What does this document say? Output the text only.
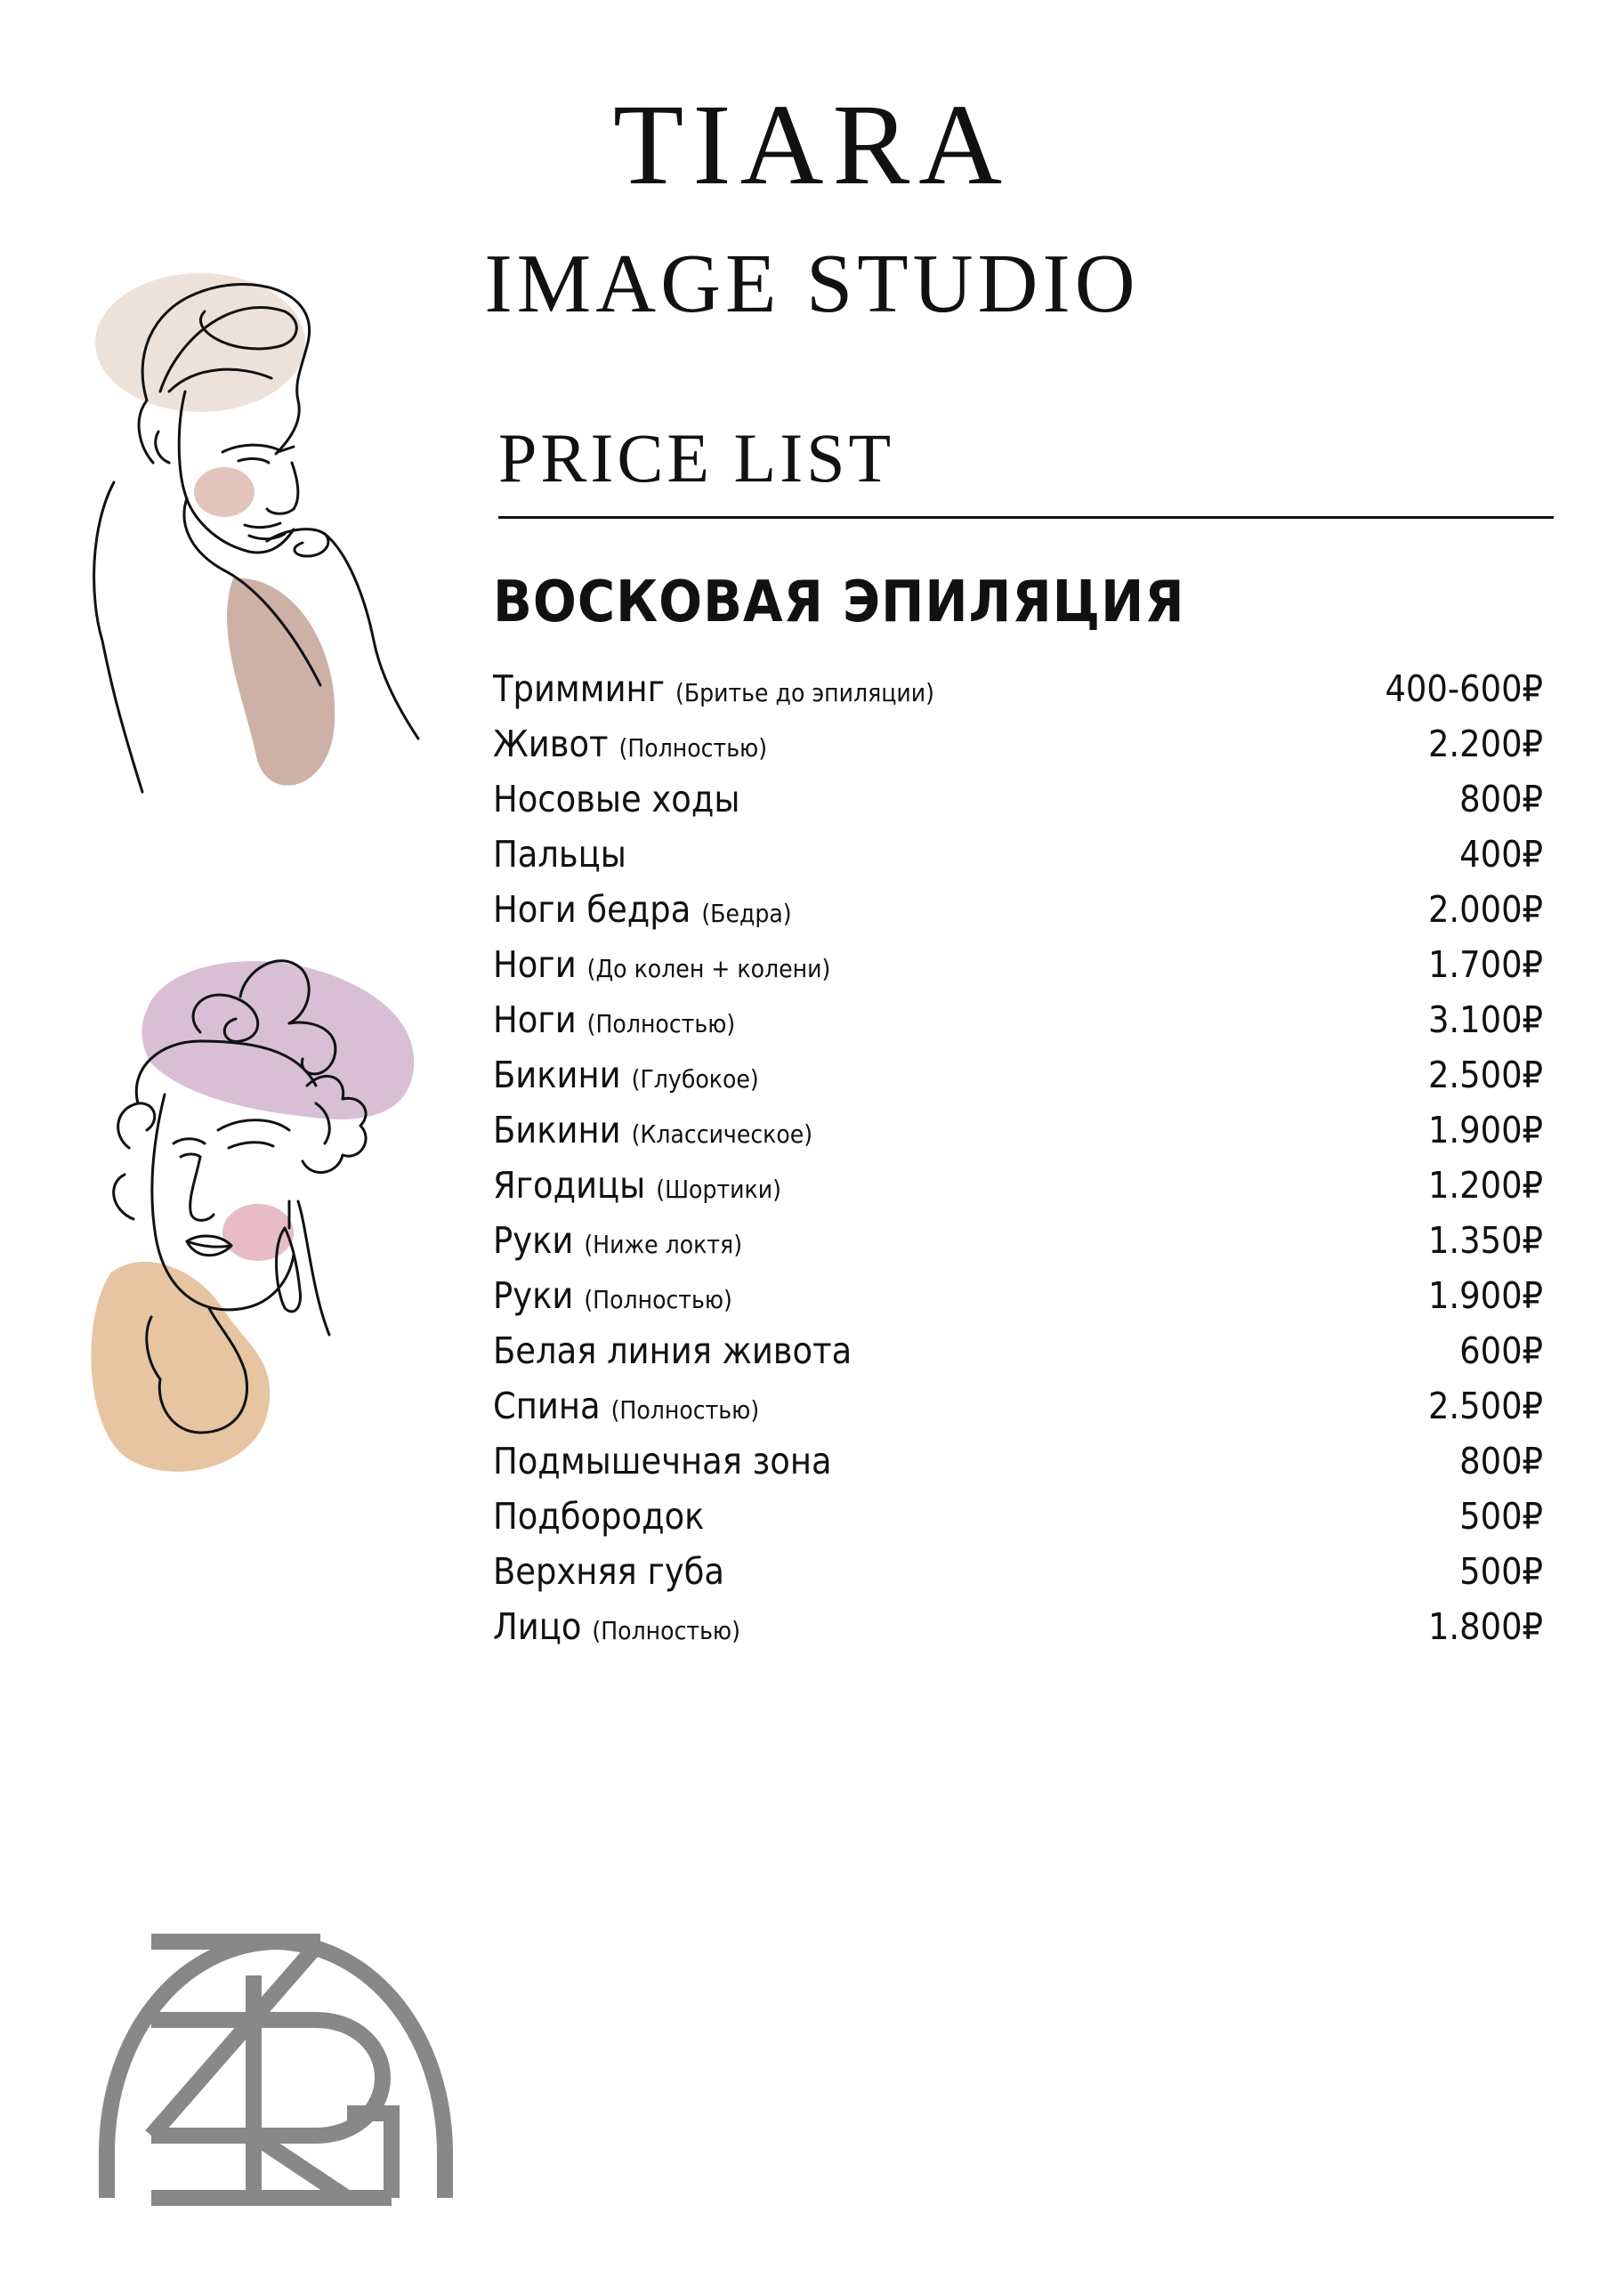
TIARA
IMAGE STUDIO
PRICE LIST
ВОСКОВАЯ ЭПИЛЯЦИЯ
Тримминг (Бритье до эпиляции)	400-600₽
Живот (Полностью)	2.200₽
Носовые ходы	800₽
Пальцы	400₽
Ноги бедра (Бедра)	2.000₽
Ноги (До колен + колени)	1.700₽
Ноги (Полностью)	3.100₽
Бикини (Глубокое)	2.500₽
Бикини (Классическое)	1.900₽
Ягодицы (Шортики)	1.200₽
Руки (Ниже локтя)	1.350₽
Руки (Полностью)	1.900₽
Белая линия живота	600₽
Спина (Полностью)	2.500₽
Подмышечная зона	800₽
Подбородок	500₽
Верхняя губа	500₽
Лицо (Полностью)	1.800₽
